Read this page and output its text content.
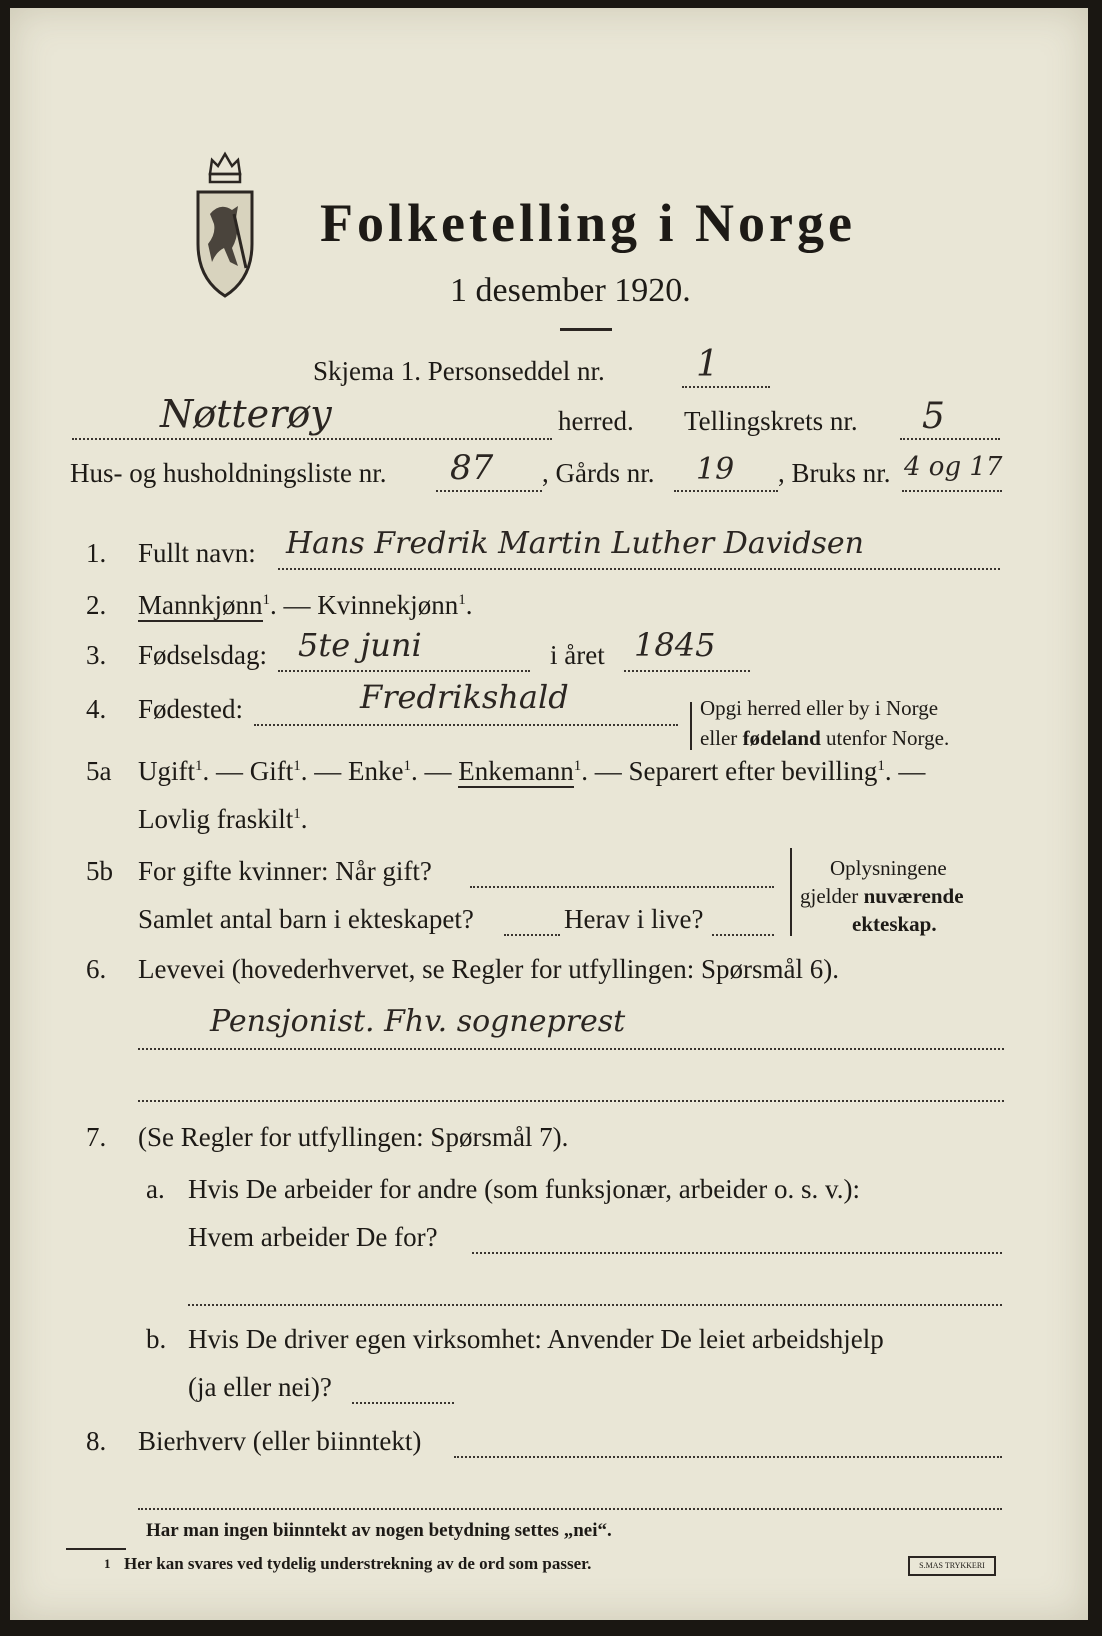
Folketelling i Norge
1 desember 1920.
Skjema 1. Personseddel nr.	1
Nøtterøy	herred. Tellingskrets nr. 5
Hus- og husholdningsliste nr. 87 , Gårds nr. 19 , Bruks nr. 4 og 17
1. Fullt navn: Hans Fredrik Martin Luther Davidsen
2. Mannkjønn$^1$. — Kvinnekjønn$^1$.
3. Fødselsdag: 5te juni	i året 1845
4. Fødested:	Fredrikshald	Opgi herred eller by i Norge
eller fødeland utenfor Norge.
5a Ugift$^1$. — Gift$^1$. — Enke$^1$. — Enkemann$^1$. — Separert efter bevilling$^1$. —
Lovlig fraskilt$^1$.
5b For gifte kvinner: Når gift?
Samlet antal barn i ekteskapet?	Herav i live?
Oplysningene
gjelder nuværende
ekteskap.
6. Levevei (hovederhvervet, se Regler for utfyllingen: Spørsmål 6).
Pensjonist. Fhv. sogneprest
7. (Se Regler for utfyllingen: Spørsmål 7).
a. Hvis De arbeider for andre (som funksjonær, arbeider o. s. v.):
Hvem arbeider De for?
b. Hvis De driver egen virksomhet: Anvender De leiet arbeidshjelp
(ja eller nei)?
8. Bierhverv (eller biinntekt)
Har man ingen biinntekt av nogen betydning settes „nei“.
1 Her kan svares ved tydelig understrekning av de ord som passer.	S.MAS TRYKKERI
